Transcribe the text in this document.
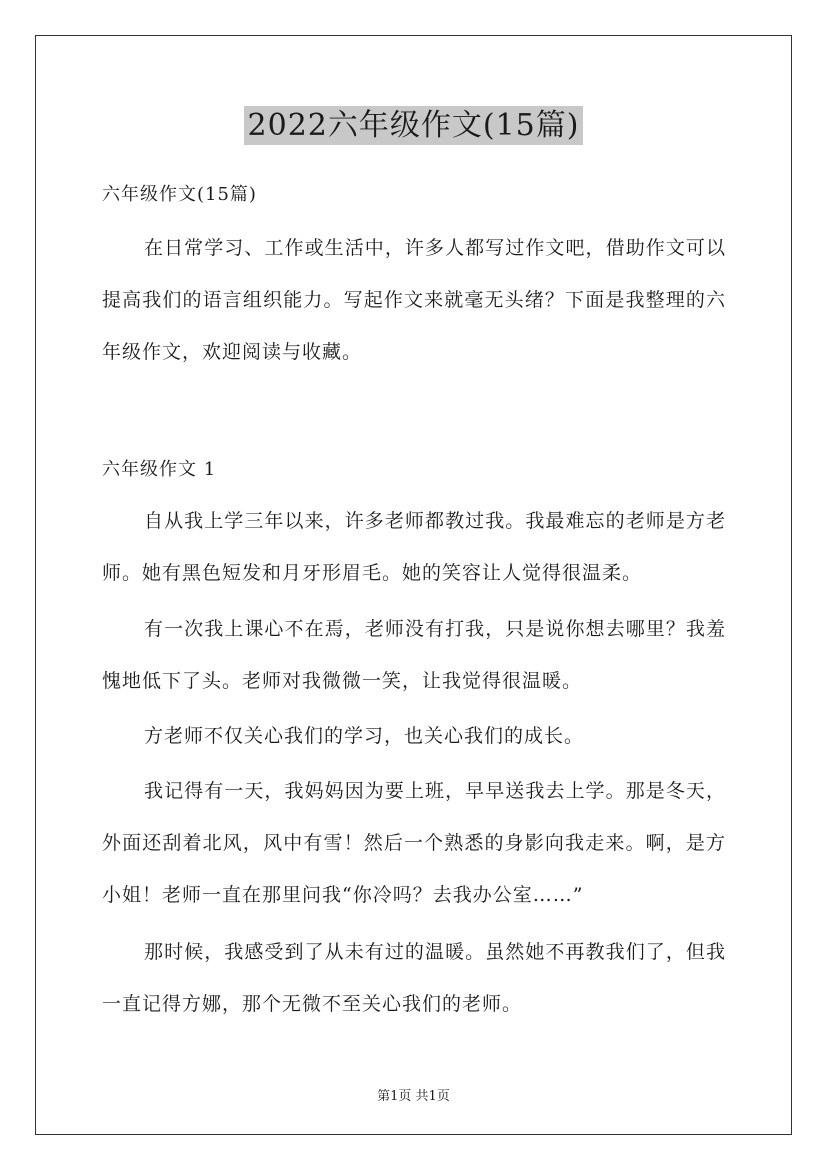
2022六年级作文(15篇)
六年级作文(15篇)

在日常学习、工作或生活中，许多人都写过作文吧，借助作文可以提高我们的语言组织能力。写起作文来就毫无头绪？下面是我整理的六年级作文，欢迎阅读与收藏。

六年级作文 1

自从我上学三年以来，许多老师都教过我。我最难忘的老师是方老师。她有黑色短发和月牙形眉毛。她的笑容让人觉得很温柔。

有一次我上课心不在焉，老师没有打我，只是说你想去哪里？我羞愧地低下了头。老师对我微微一笑，让我觉得很温暖。

方老师不仅关心我们的学习，也关心我们的成长。

我记得有一天，我妈妈因为要上班，早早送我去上学。那是冬天，外面还刮着北风，风中有雪！然后一个熟悉的身影向我走来。啊，是方小姐！老师一直在那里问我“你冷吗？去我办公室……”

那时候，我感受到了从未有过的温暖。虽然她不再教我们了，但我一直记得方娜，那个无微不至关心我们的老师。

第1页 共1页
